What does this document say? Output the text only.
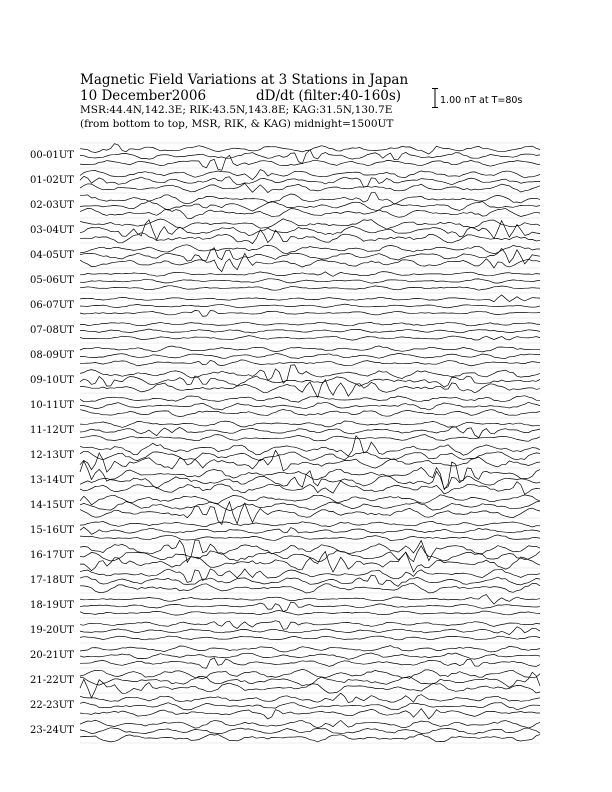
Magnetic Field Variations at 3 Stations in Japan
10 December2006	dD/dt (filter:40-160s)
MSR:44.4N,142.3E; RIK:43.5N,143.8E; KAG:31.5N,130.7E
(from bottom to top, MSR, RIK, & KAG) midnight=1500UT
1.00 nT at T=80s
00-01UT
01-02UT
02-03UT
03-04UT
04-05UT
05-06UT
06-07UT
07-08UT
08-09UT
09-10UT
10-11UT
11-12UT
12-13UT
13-14UT
14-15UT
15-16UT
16-17UT
17-18UT
18-19UT
19-20UT
20-21UT
21-22UT
22-23UT
23-24UT
